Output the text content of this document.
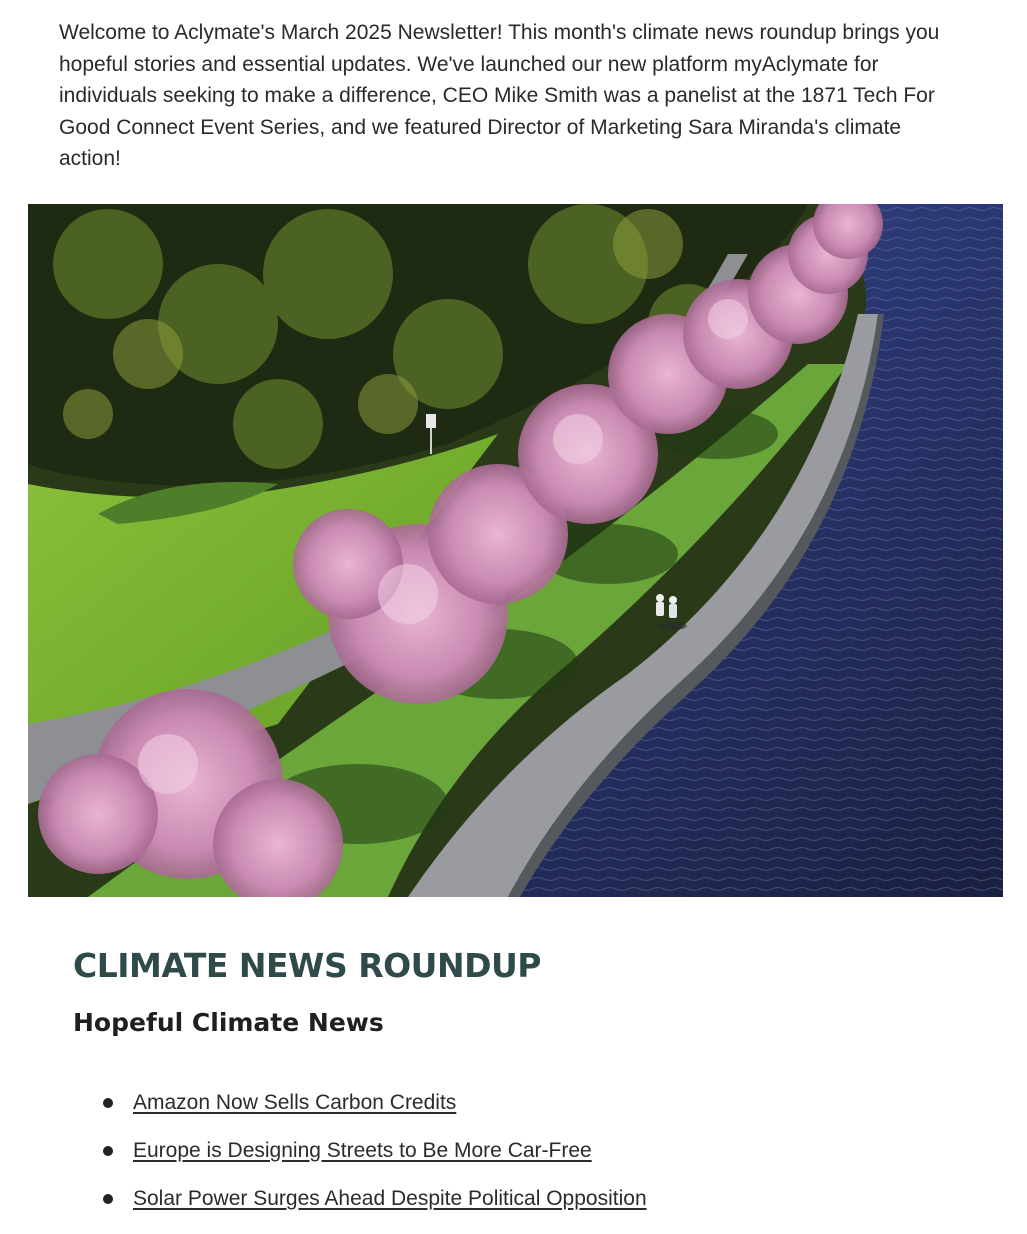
Welcome to Aclymate's March 2025 Newsletter! This month's climate news roundup brings you hopeful stories and essential updates. We've launched our new platform myAclymate for individuals seeking to make a difference, CEO Mike Smith was a panelist at the 1871 Tech For Good Connect Event Series, and we featured Director of Marketing Sara Miranda's climate action!

CLIMATE NEWS ROUNDUP
Hopeful Climate News
Amazon Now Sells Carbon Credits
Europe is Designing Streets to Be More Car-Free
Solar Power Surges Ahead Despite Political Opposition
